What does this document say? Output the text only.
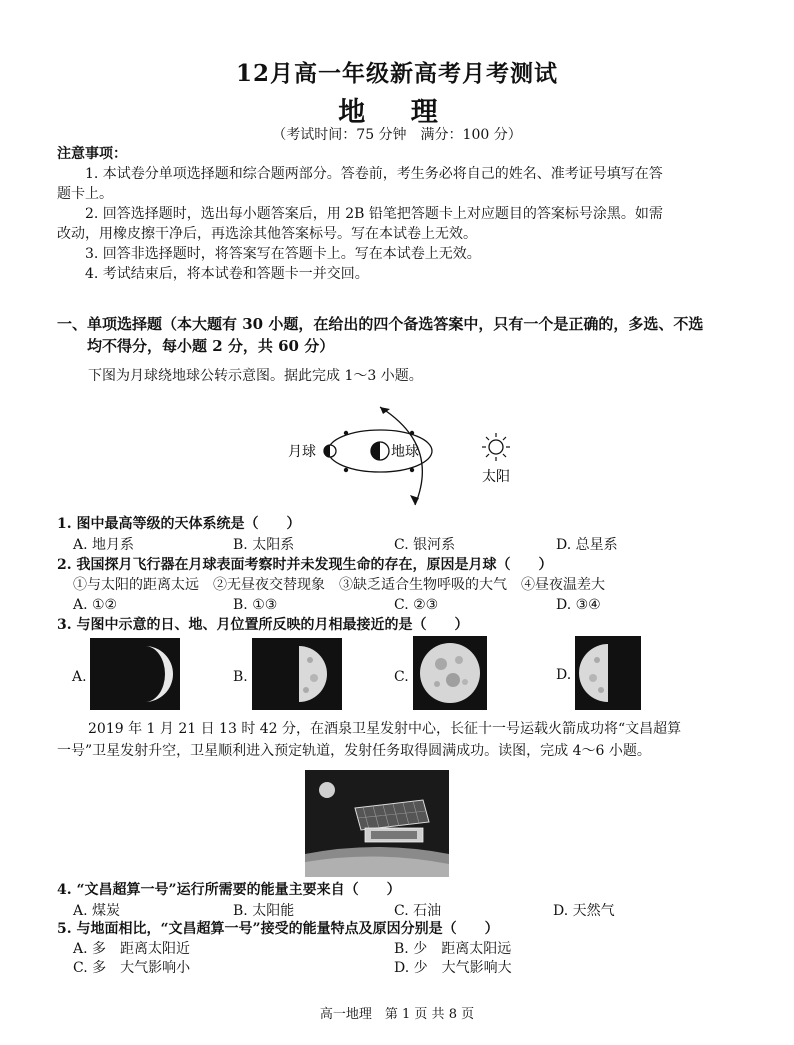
12月高一年级新高考月考测试
地 理
（考试时间：75 分钟　满分：100 分）
注意事项：
1. 本试卷分单项选择题和综合题两部分。答卷前，考生务必将自己的姓名、准考证号填写在答
题卡上。
2. 回答选择题时，选出每小题答案后，用 2B 铅笔把答题卡上对应题目的答案标号涂黑。如需
改动，用橡皮擦干净后，再选涂其他答案标号。写在本试卷上无效。
3. 回答非选择题时，将答案写在答题卡上。写在本试卷上无效。
4. 考试结束后，将本试卷和答题卡一并交回。
一、单项选择题（本大题有 30 小题，在给出的四个备选答案中，只有一个是正确的，多选、不选
均不得分，每小题 2 分，共 60 分）
下图为月球绕地球公转示意图。据此完成 1～3 小题。
月球	地球
太阳
1. 图中最高等级的天体系统是（　　）
A. 地月系	B. 太阳系	C. 银河系	D. 总星系
2. 我国探月飞行器在月球表面考察时并未发现生命的存在，原因是月球（　　）
①与太阳的距离太远　②无昼夜交替现象　③缺乏适合生物呼吸的大气　④昼夜温差大
A. ①②	B. ①③	C. ②③	D. ③④
3. 与图中示意的日、地、月位置所反映的月相最接近的是（　　）
A.	B.	C.	D.
2019 年 1 月 21 日 13 时 42 分，在酒泉卫星发射中心，长征十一号运载火箭成功将“文昌超算
一号”卫星发射升空，卫星顺利进入预定轨道，发射任务取得圆满成功。读图，完成 4～6 小题。
4. “文昌超算一号”运行所需要的能量主要来自（　　）
A. 煤炭	B. 太阳能	C. 石油	D. 天然气
5. 与地面相比，“文昌超算一号”接受的能量特点及原因分别是（　　）
A. 多　距离太阳近	B. 少　距离太阳远
C. 多　大气影响小	D. 少　大气影响大
高一地理　第 1 页 共 8 页
